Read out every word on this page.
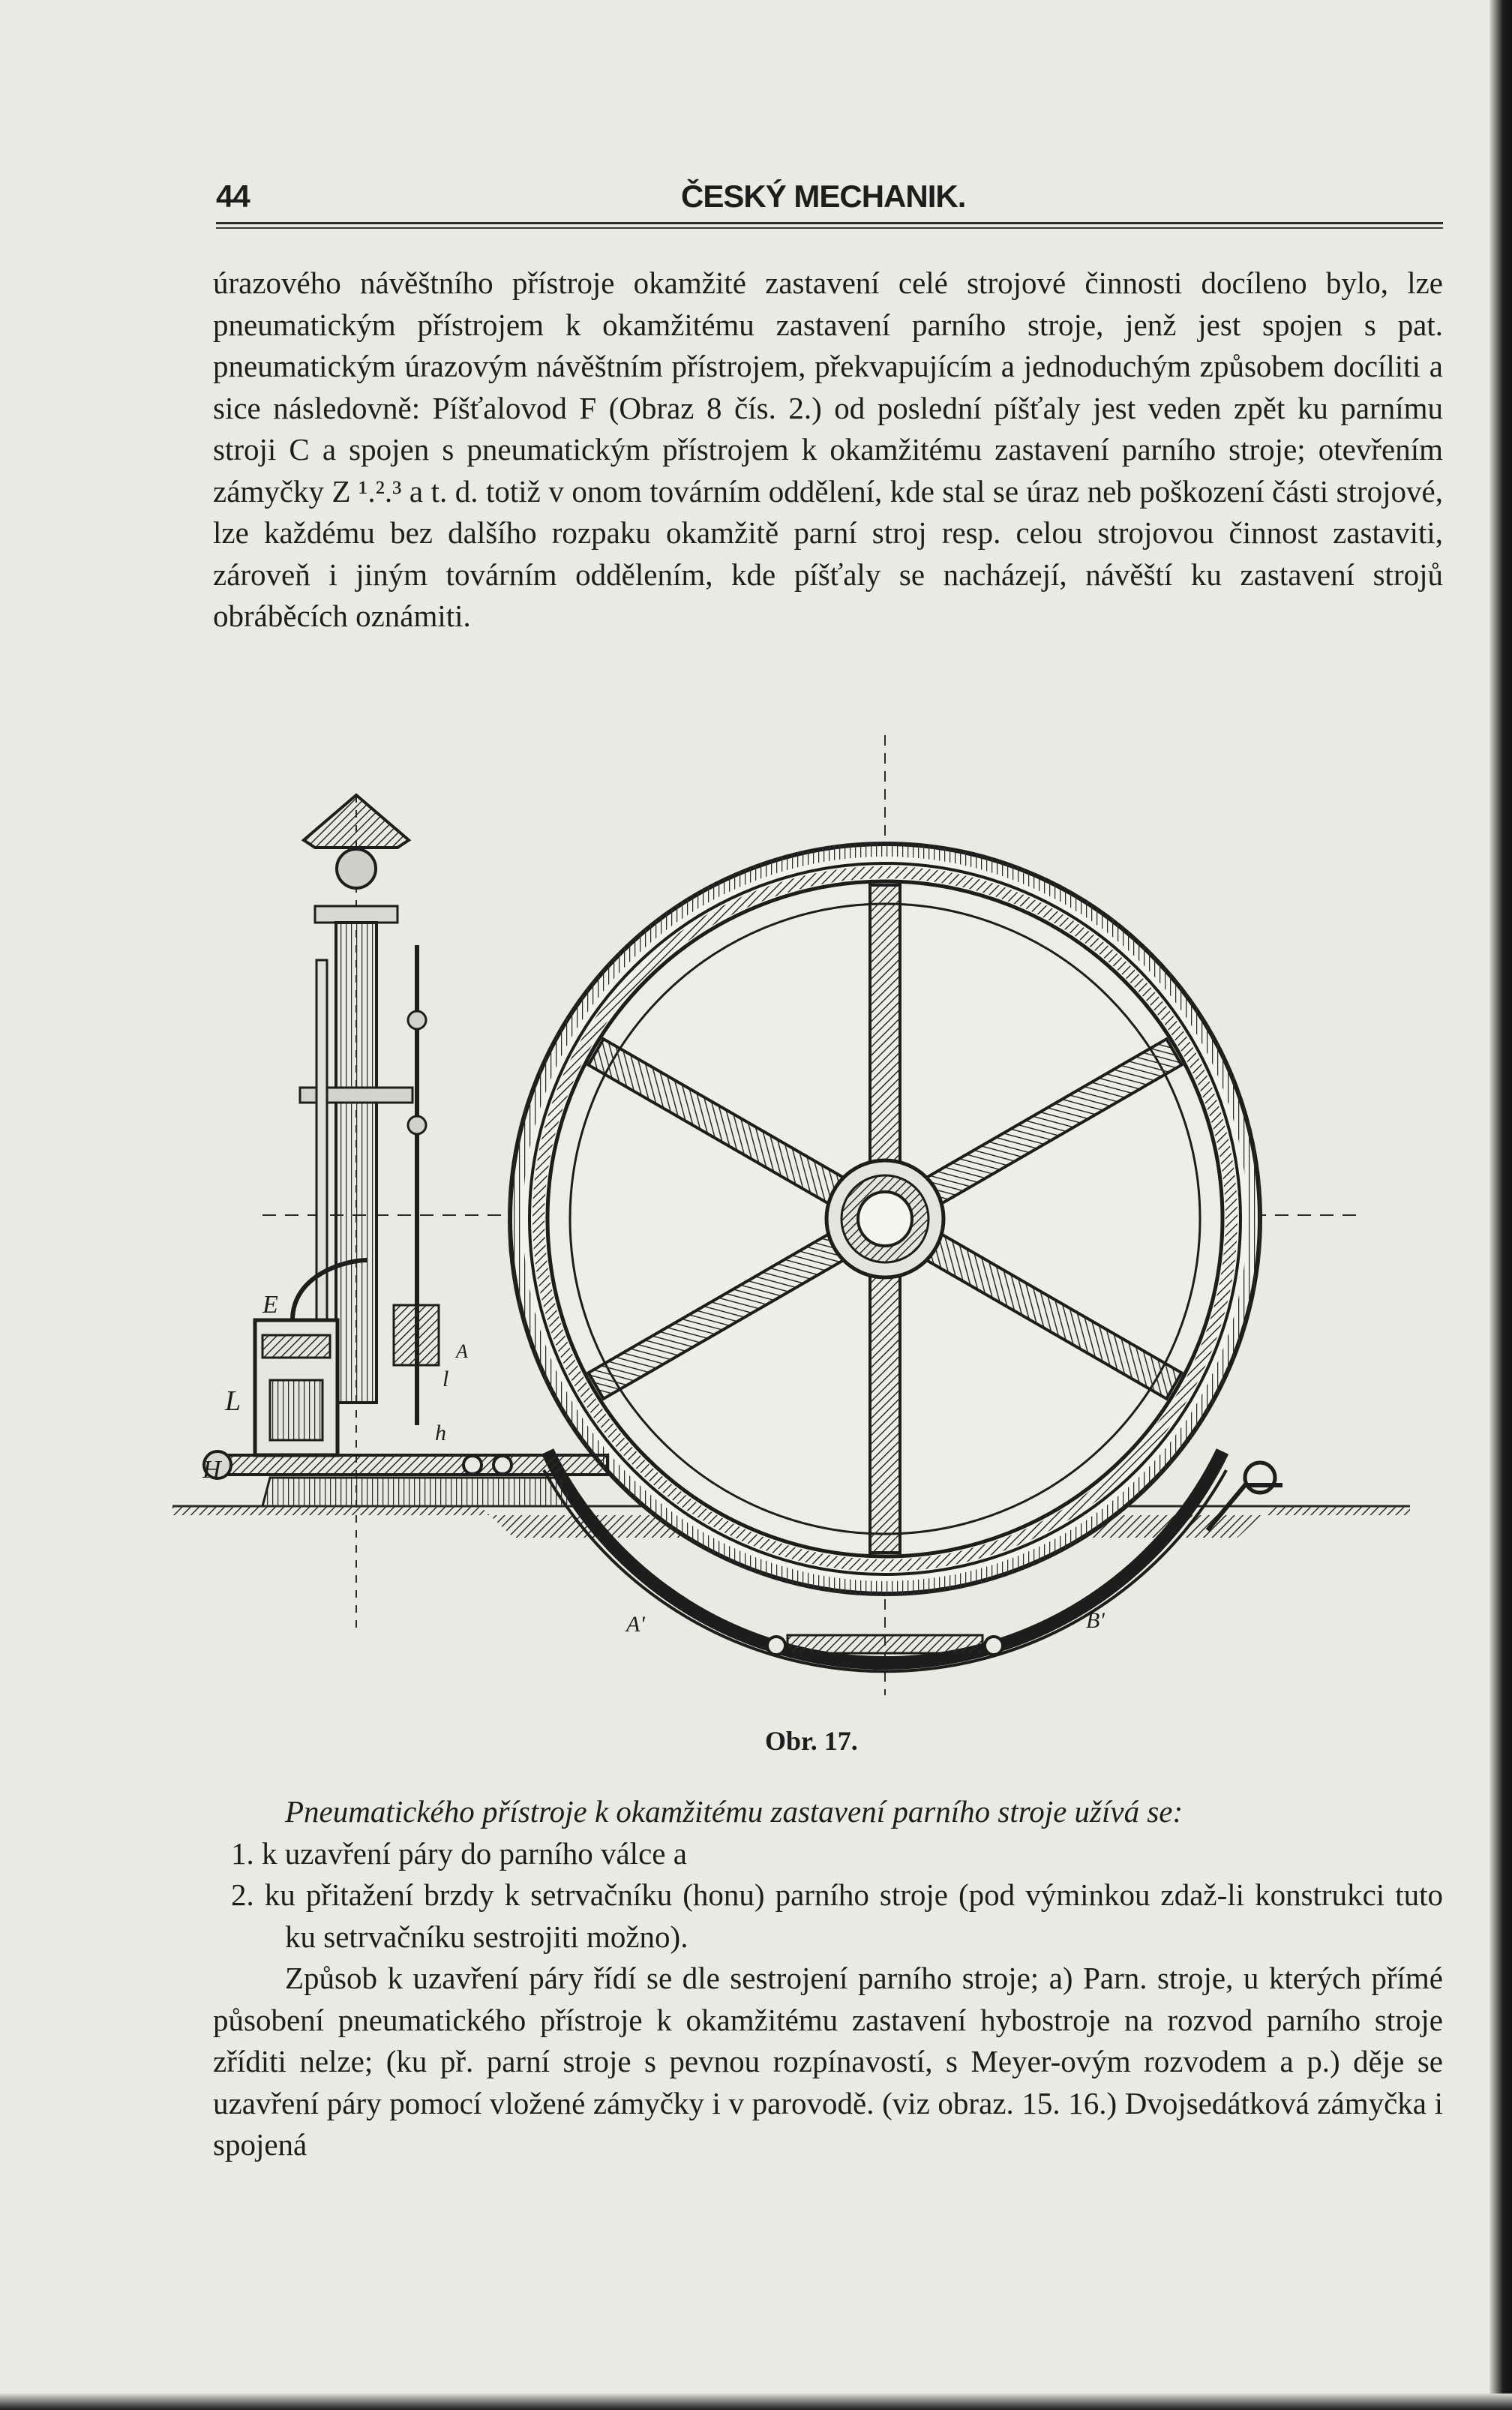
44	ČESKÝ MECHANIK.
úrazového návěštního přístroje okamžité zastavení celé strojové činnosti docíleno bylo, lze pneumatickým přístrojem k okamžitému zastavení parního stroje, jenž jest spojen s pat. pneumatickým úrazovým návěštním přístrojem, překvapujícím a jednoduchým způsobem docíliti a sice následovně: Píšťalovod F (Obraz 8 čís. 2.) od poslední píšťaly jest veden zpět ku parnímu stroji C a spojen s pneumatickým přístrojem k okamžitému zastavení parního stroje; otevřením zámyčky Z ¹.².³ a t. d. totiž v onom továrním oddělení, kde stal se úraz neb poškození části strojové, lze každému bez dalšího rozpaku okamžitě parní stroj resp. celou strojovou činnost zastaviti, zároveň i jiným továrním oddělením, kde píšťaly se nacházejí, návěští ku zastavení strojů obráběcích oznámiti.
E
L
H
A
l
h
A'	B'
Obr. 17.
Pneumatického přístroje k okamžitému zastavení parního stroje užívá se:
1. k uzavření páry do parního válce a
2. ku přitažení brzdy k setrvačníku (honu) parního stroje (pod výminkou zdaž-li konstrukci tuto ku setrvačníku sestrojiti možno).
Způsob k uzavření páry řídí se dle sestrojení parního stroje; a) Parn. stroje, u kterých přímé působení pneumatického přístroje k okamžitému zastavení hybostroje na rozvod parního stroje zříditi nelze; (ku př. parní stroje s pevnou rozpínavostí, s Meyer-ovým rozvodem a p.) děje se uzavření páry pomocí vložené zámyčky i v parovodě. (viz obraz. 15. 16.) Dvojsedátková zámyčka i spojená
